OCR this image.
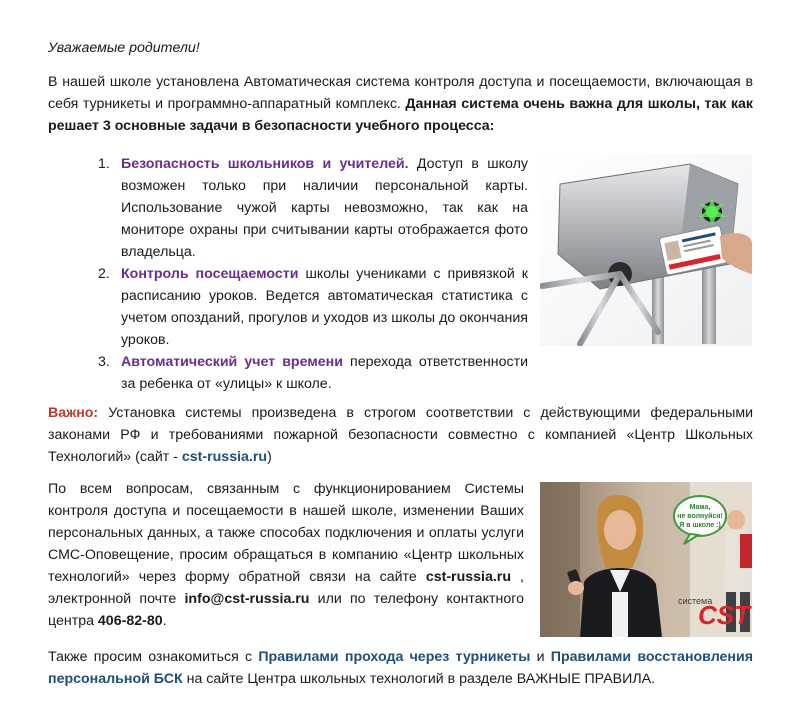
Уважаемые родители!

В нашей школе установлена Автоматическая система контроля доступа и посещаемости, включающая в себя турникеты и программно-аппаратный комплекс. Данная система очень важна для школы, так как решает 3 основные задачи в безопасности учебного процесса:

1. Безопасность школьников и учителей. Доступ в школу возможен только при наличии персональной карты. Использование чужой карты невозможно, так как на мониторе охраны при считывании карты отображается фото владельца.
2. Контроль посещаемости школы учениками с привязкой к расписанию уроков. Ведется автоматическая статистика с учетом опозданий, прогулов и уходов из школы до окончания уроков.
3. Автоматический учет времени перехода ответственности за ребенка от «улицы» к школе.

Важно: Установка системы произведена в строгом соответствии с действующими федеральными законами РФ и требованиями пожарной безопасности совместно с компанией «Центр Школьных Технологий» (сайт - cst-russia.ru)

По всем вопросам, связанным с функционированием Системы контроля доступа и посещаемости в нашей школе, изменении Ваших персональных данных, а также способах подключения и оплаты услуги СМС-Оповещение, просим обращаться в компанию «Центр школьных технологий» через форму обратной связи на сайте cst-russia.ru , электронной почте info@cst-russia.ru или по телефону контактного центра 406-82-80.

Мама,
не волнуйся!
Я в школе :)
система
CST

Также просим ознакомиться с Правилами прохода через турникеты и Правилами восстановления персональной БСК на сайте Центра школьных технологий в разделе ВАЖНЫЕ ПРАВИЛА.
